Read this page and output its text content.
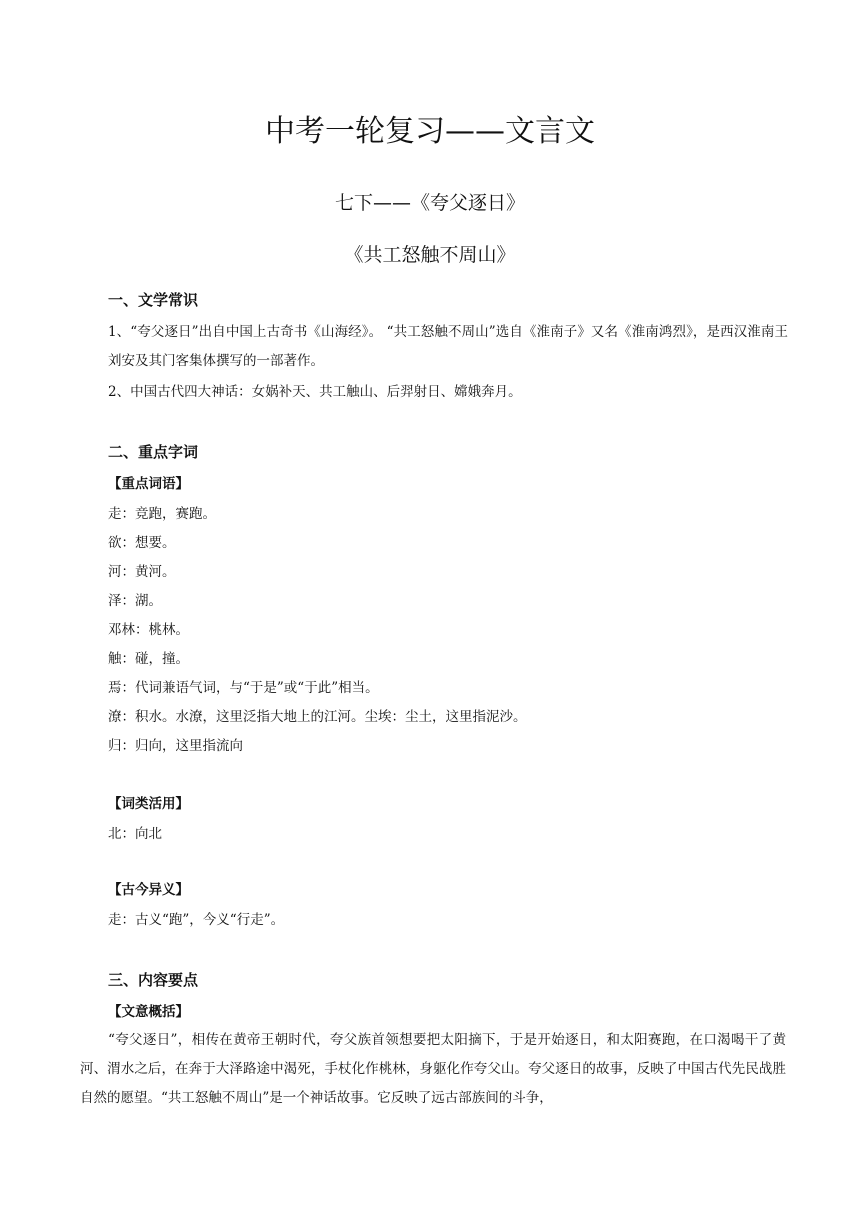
中考一轮复习——文言文
七下——《夸父逐日》
《共工怒触不周山》
一、文学常识

1、“夸父逐日”出自中国上古奇书《山海经》。 “共工怒触不周山”选自《淮南子》又名《淮南鸿烈》，是西汉淮南王刘安及其门客集体撰写的一部著作。

2、中国古代四大神话：女娲补天、共工触山、后羿射日、嫦娥奔月。

二、重点字词

【重点词语】

走：竞跑，赛跑。

欲：想要。

河：黄河。

泽：湖。

邓林：桃林。

触：碰，撞。

焉：代词兼语气词，与“于是”或“于此”相当。

潦：积水。水潦，这里泛指大地上的江河。尘埃：尘土，这里指泥沙。

归：归向，这里指流向

【词类活用】

北：向北

【古今异义】

走：古义“跑”，今义“行走”。

三、内容要点

【文意概括】

“夸父逐日”，相传在黄帝王朝时代，夸父族首领想要把太阳摘下，于是开始逐日，和太阳赛跑，在口渴喝干了黄河、渭水之后，在奔于大泽路途中渴死，手杖化作桃林，身躯化作夸父山。夸父逐日的故事，反映了中国古代先民战胜自然的愿望。“共工怒触不周山”是一个神话故事。它反映了远古部族间的斗争，
